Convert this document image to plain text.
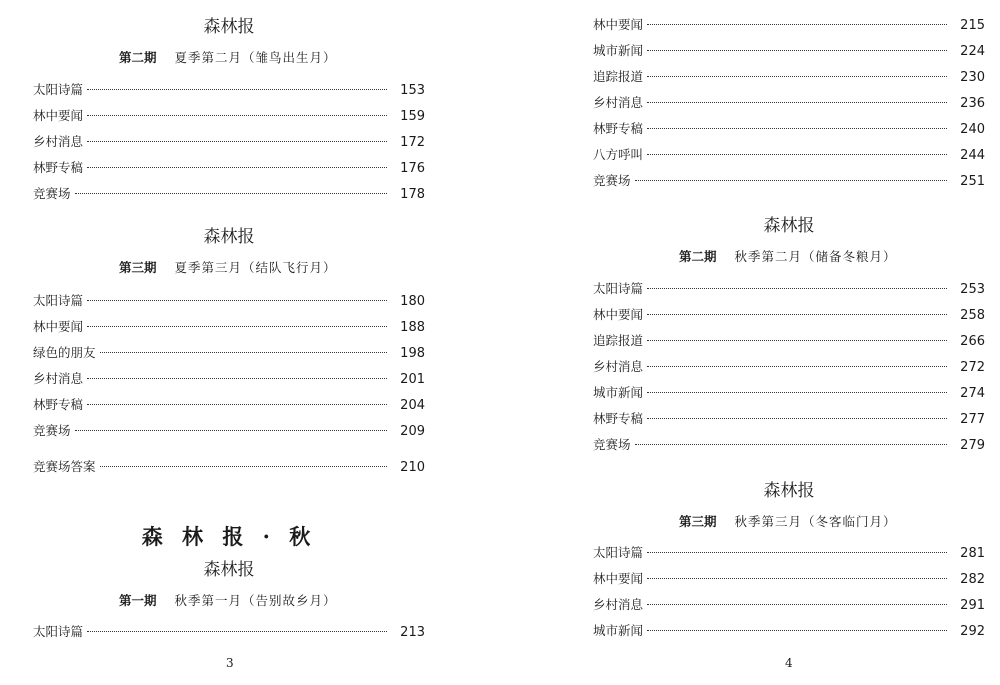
森林报
第二期 夏季第二月（雏鸟出生月）
太阳诗篇	153
林中要闻	159
乡村消息	172
林野专稿	176
竞赛场	178
森林报
第三期 夏季第三月（结队飞行月）
太阳诗篇	180
林中要闻	188
绿色的朋友	198
乡村消息	201
林野专稿	204
竞赛场	209
竞赛场答案	210
森 林 报 · 秋
森林报
第一期 秋季第一月（告别故乡月）
太阳诗篇	213
3
林中要闻	215
城市新闻	224
追踪报道	230
乡村消息	236
林野专稿	240
八方呼叫	244
竞赛场	251
森林报
第二期 秋季第二月（储备冬粮月）
太阳诗篇	253
林中要闻	258
追踪报道	266
乡村消息	272
城市新闻	274
林野专稿	277
竞赛场	279
森林报
第三期 秋季第三月（冬客临门月）
太阳诗篇	281
林中要闻	282
乡村消息	291
城市新闻	292
4
